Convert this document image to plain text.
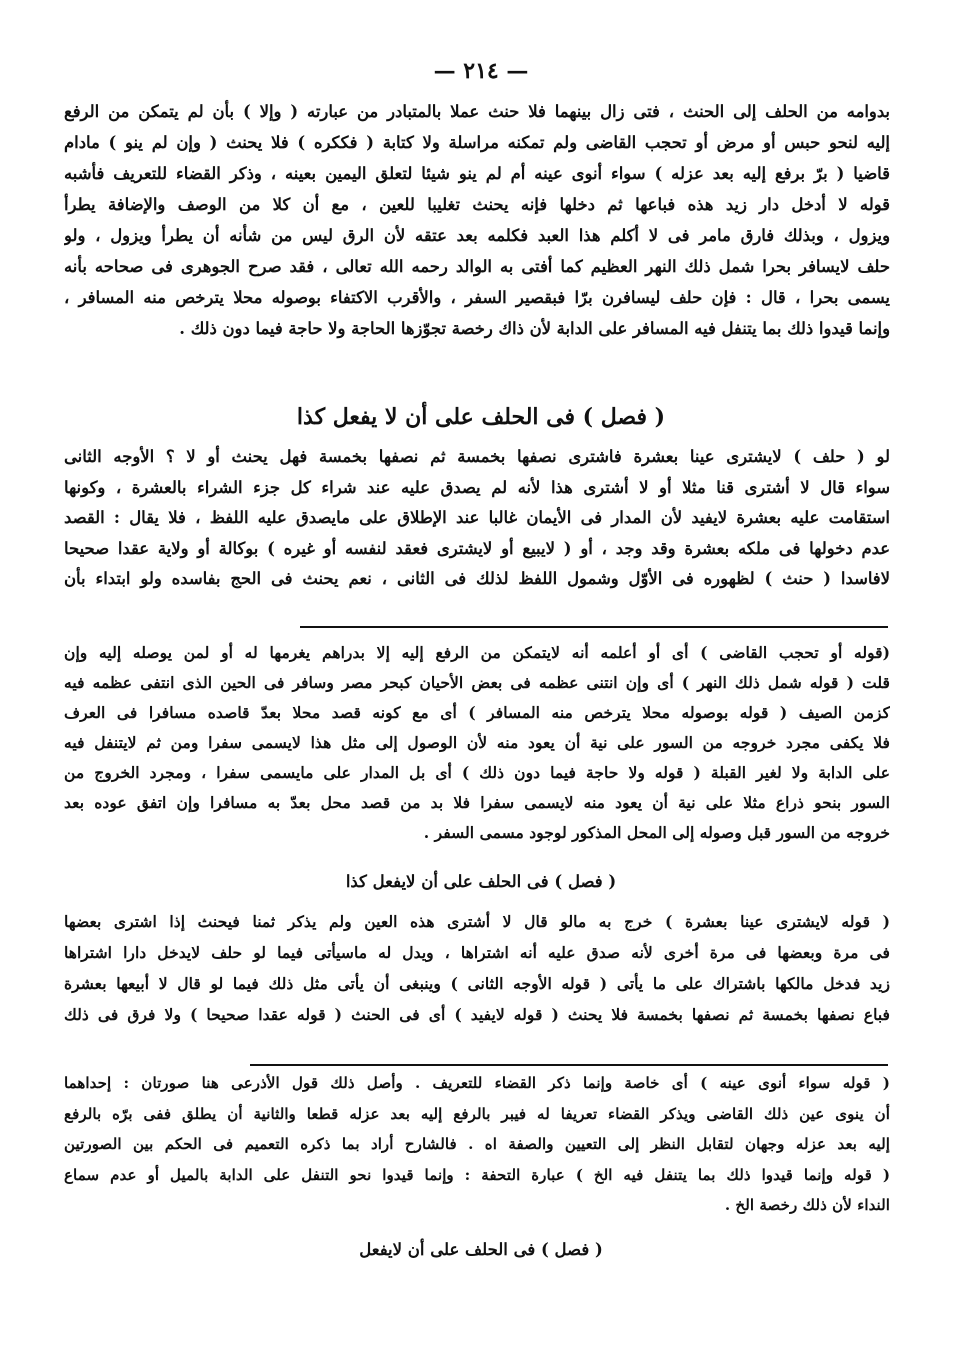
— ٢١٤ —
بدوامه من الحلف إلى الحنث ، فتى زال بينهما فلا حنث عملا بالمتبادر من عبارته ( وإلا ) بأن لم يتمكن من الرفع
إليه لنحو حبس أو مرض أو تحجب القاضى ولم تمكنه مراسلة ولا كتابة ( فككره ) فلا يحنث ( وإن لم ينو ) مادام
قاضيا ( برّ برفع إليه بعد عزله ) سواء أنوى عينه أم لم ينو شيئا لتعلق اليمين بعينه ، وذكر القضاء للتعريف فأشبه
قوله لا أدخل دار زيد هذه فباعها ثم دخلها فإنه يحنث تغليبا للعين ، مع أن كلا من الوصف والإضافة يطرأ
ويزول ، وبذلك فارق مامر فى لا أكلم هذا العبد فكلمه بعد عتقه لأن الرق ليس من شأنه أن يطرأ ويزول ، ولو
حلف لايسافر بحرا شمل ذلك النهر العظيم كما أفتى به الوالد رحمه الله تعالى ، فقد صرح الجوهرى فى صحاحه بأنه
يسمى بحرا ، قال : فإن حلف ليسافرن برّا فبقصير السفر ، والأقرب الاكتفاء بوصوله محلا يترخص منه المسافر ،
وإنما قيدوا ذلك بما يتنفل فيه المسافر على الدابة لأن ذاك رخصة تجوّزها الحاجة ولا حاجة فيما دون ذلك .
( فصل ) فى الحلف على أن لا يفعل كذا
لو ( حلف ) لايشترى عينا بعشرة فاشترى نصفها بخمسة ثم نصفها بخمسة فهل يحنث أو لا ؟ الأوجه الثانى
سواء قال لا أشترى قنا مثلا أو لا أشترى هذا لأنه لم يصدق عليه عند شراء كل جزء الشراء بالعشرة ، وكونها
استقامت عليه بعشرة لايفيد لأن المدار فى الأيمان غالبا عند الإطلاق على مايصدق عليه اللفظ ، فلا يقال : القصد
عدم دخولها فى ملكه بعشرة وقد وجد ، أو ( لايبيع أو لايشترى فعقد لنفسه أو غيره ) بوكالة أو ولاية عقدا صحيحا
لافاسدا ( حنث ) لظهوره فى الأوّل وشمول اللفظ لذلك فى الثانى ، نعم يحنث فى الحج بفاسده ولو ابتداء بأن
(قوله أو تحجب القاضى ) أى أو أعلمه أنه لايتمكن من الرفع إليه إلا بدراهم يغرمها له أو لمن يوصله إليه وإن
قلت ( قوله شمل ذلك النهر ) أى وإن انتنى عظمه فى بعض الأحيان كبحر مصر وسافر فى الحين الذى انتفى عظمه فيه
كزمن الصيف ( قوله بوصوله محلا يترخص منه المسافر ) أى مع كونه قصد محلا بعدّ قاصده مسافرا فى العرف
فلا يكفى مجرد خروجه من السور على نية أن يعود منه لأن الوصول إلى مثل هذا لايسمى سفرا ومن ثم لايتنفل فيه
على الدابة ولا لغير القبلة ( قوله ولا حاجة فيما دون ذلك ) أى بل المدار على مايسمى سفرا ، ومجرد الخروج من
السور بنحو ذراع مثلا على نية أن يعود منه لايسمى سفرا فلا بد من قصد محل بعدّ به مسافرا وإن اتفق عوده بعد
خروجه من السور قبل وصوله إلى المحل المذكور لوجود مسمى السفر .
( فصل ) فى الحلف على أن لايفعل كذا
( قوله لايشترى عينا بعشرة ) خرج به مالو قال لا أشترى هذه العين ولم يذكر ثمنا فيحنث إذا اشترى بعضها
فى مرة وبعضها فى مرة أخرى لأنه صدق عليه أنه اشتراها ، ويدل له ماسيأتى فيما لو حلف لايدخل دارا اشتراها
زيد فدخل مالكها باشتراك على ما يأتى ( قوله الأوجه الثانى ) وينبغى أن يأتى مثل ذلك فيما لو قال لا أبيعها بعشرة
فباع نصفها بخمسة ثم نصفها بخمسة فلا يحنث ( قوله لايفيد ) أى فى الحنث ( قوله عقدا صحيحا ) ولا فرق فى ذلك
( قوله سواء أنوى عينه ) أى خاصة وإنما ذكر القضاء للتعريف . وأصل ذلك قول الأذرعى هنا صورتان : إحداهما
أن ينوى عين ذلك القاضى ويذكر القضاء تعريفا له فيبر بالرفع إليه بعد عزله قطعا والثانية أن يطلق ففى برّه بالرفع
إليه بعد عزله وجهان لتقابل النظر إلى التعيين والصفة اه . فالشارح أراد بما ذكره التعميم فى الحكم بين الصورتين
( قوله وإنما قيدوا ذلك بما يتنفل فيه الخ ) عبارة التحفة : وإنما قيدوا نحو التنفل على الدابة بالميل أو عدم سماع
النداء لأن ذلك رخصة الخ .
( فصل ) فى الحلف على أن لايفعل
